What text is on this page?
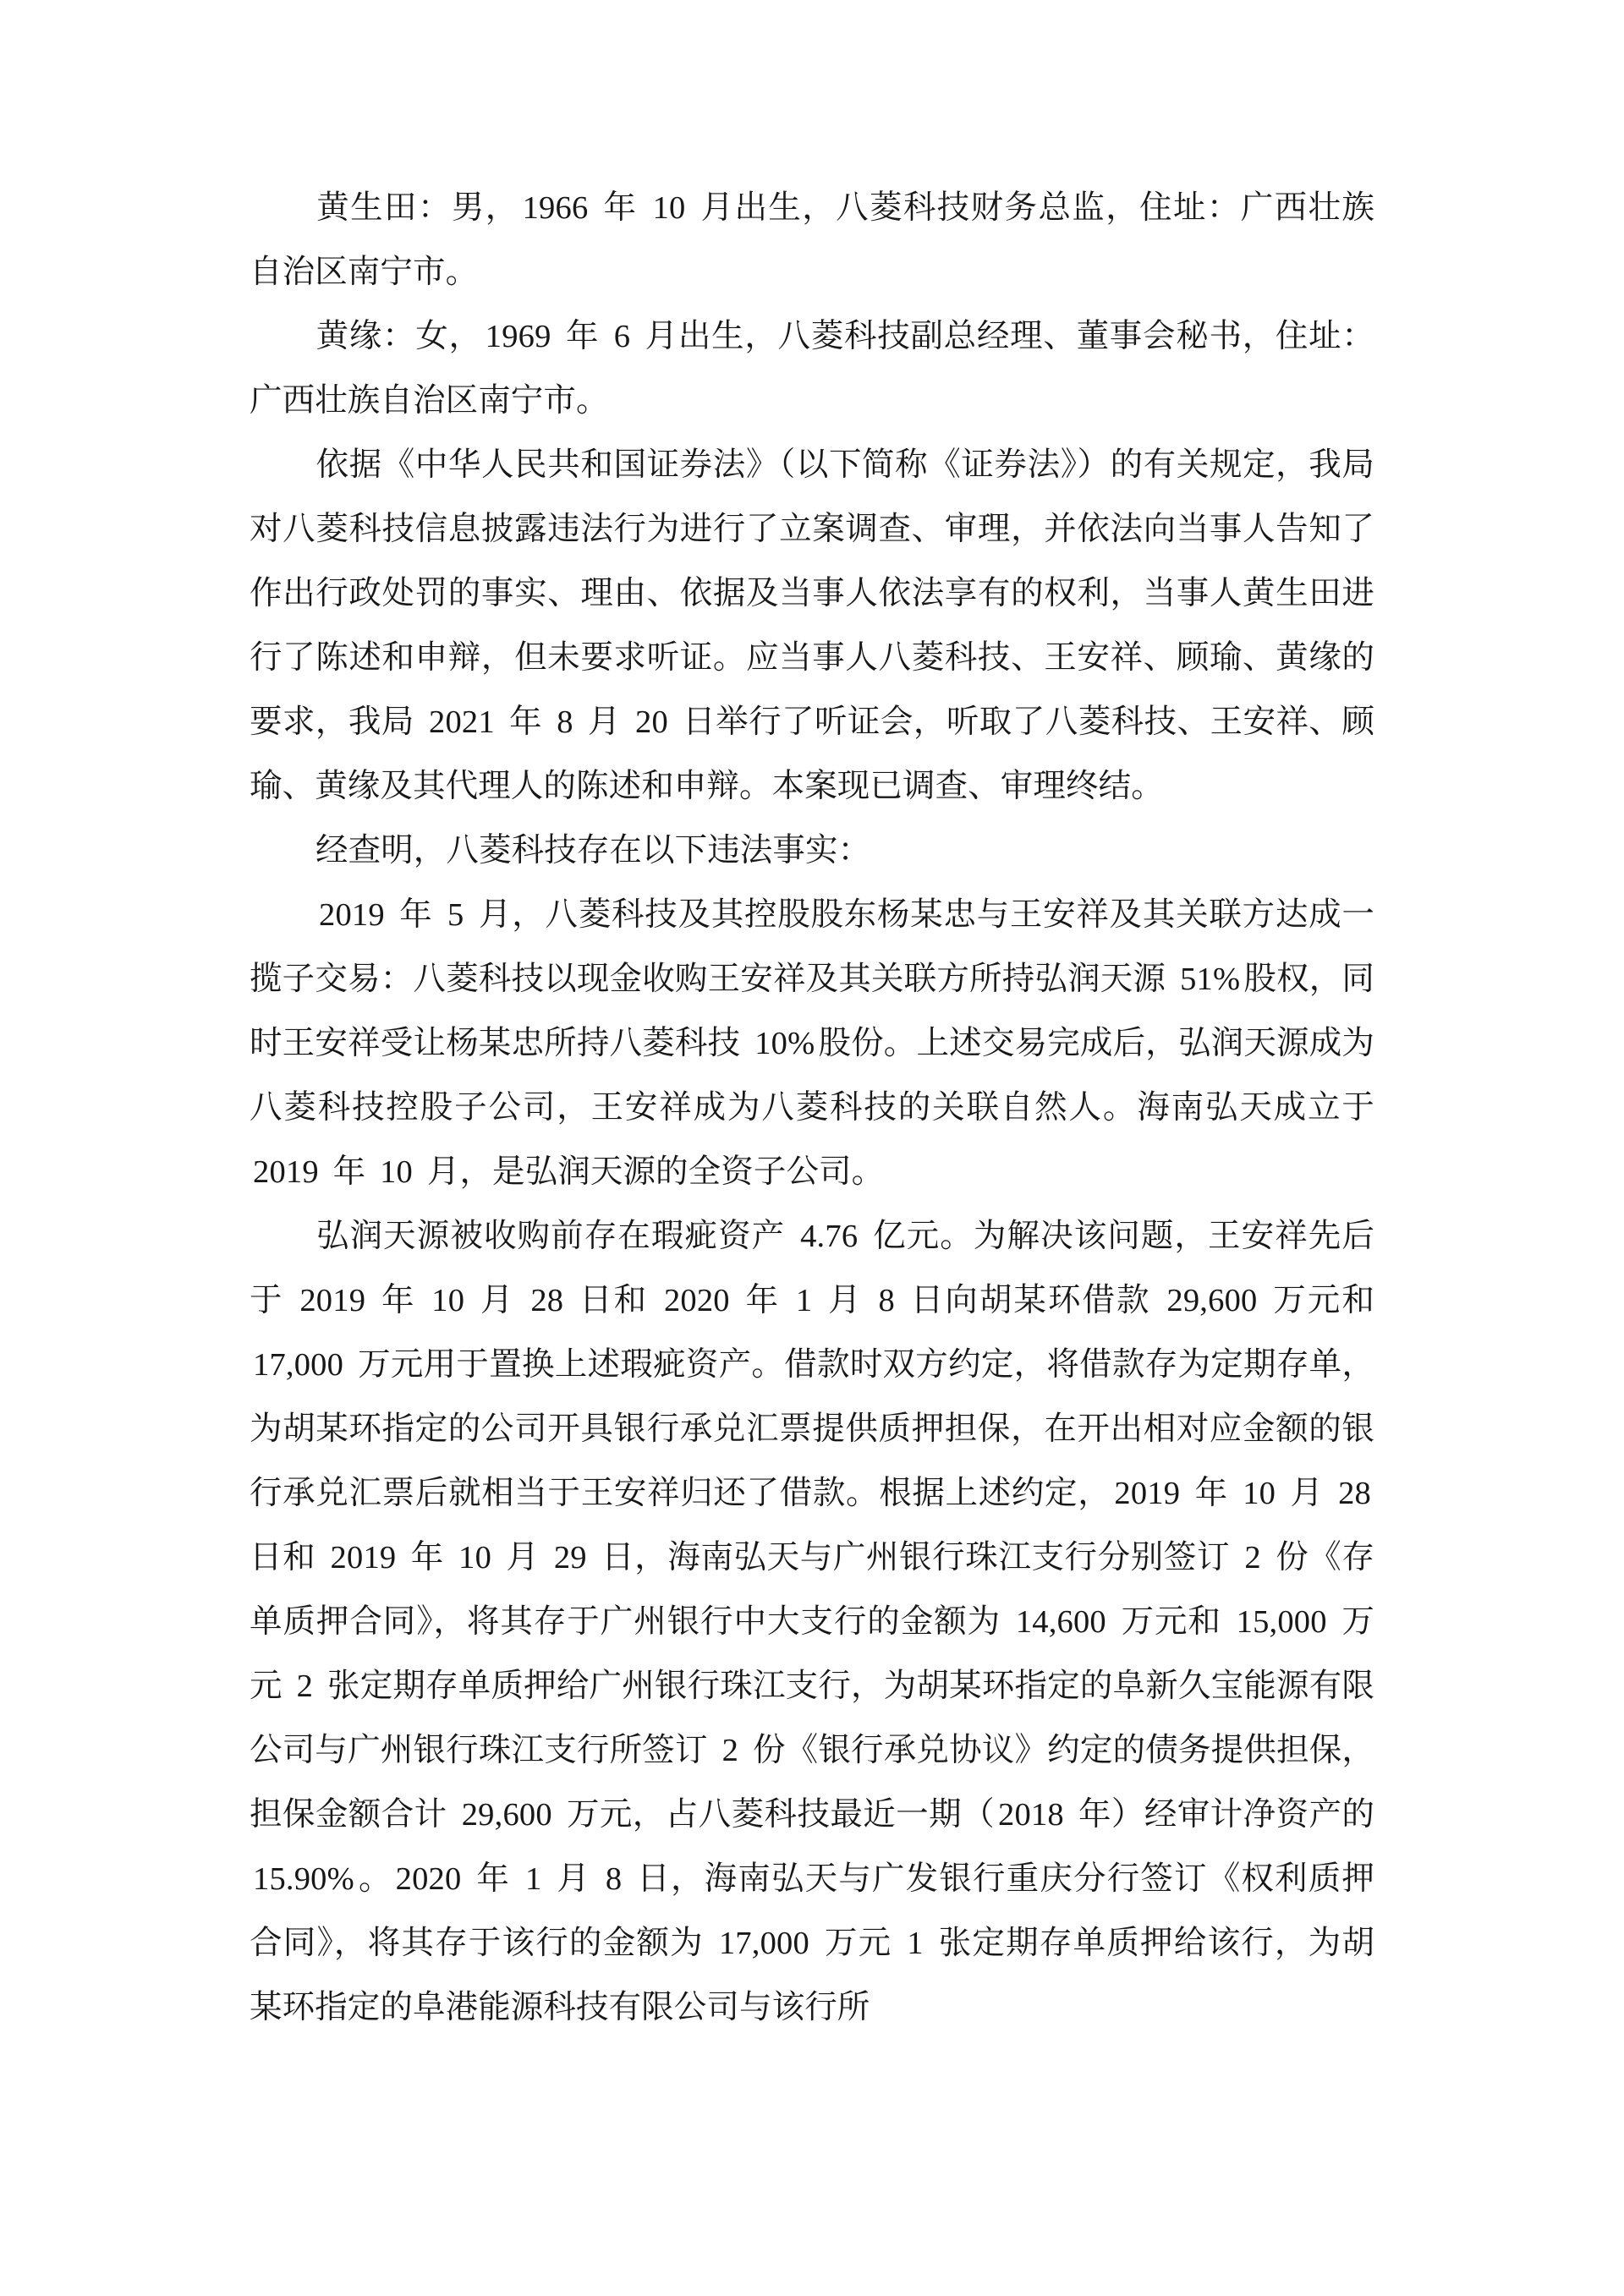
黄生田：男， 1966 年 10 月出生，八菱科技财务总监，住址：广西壮族自治区南宁市。

黄缘：女， 1969 年 6 月出生，八菱科技副总经理、董事会秘书，住址：广西壮族自治区南宁市。

依据《中华人民共和国证券法》（以下简称《证券法》）的有关规定，我局对八菱科技信息披露违法行为进行了立案调查、审理，并依法向当事人告知了作出行政处罚的事实、理由、依据及当事人依法享有的权利，当事人黄生田进行了陈述和申辩，但未要求听证。应当事人八菱科技、王安祥、顾瑜、黄缘的要求，我局 2021 年 8 月 20 日举行了听证会，听取了八菱科技、王安祥、顾瑜、黄缘及其代理人的陈述和申辩。本案现已调查、审理终结。

经查明，八菱科技存在以下违法事实：

2019 年 5 月，八菱科技及其控股股东杨某忠与王安祥及其关联方达成一揽子交易：八菱科技以现金收购王安祥及其关联方所持弘润天源 51% 股权，同时王安祥受让杨某忠所持八菱科技 10% 股份。上述交易完成后，弘润天源成为八菱科技控股子公司，王安祥成为八菱科技的关联自然人。海南弘天成立于 2019 年 10 月，是弘润天源的全资子公司。

弘润天源被收购前存在瑕疵资产 4.76 亿元。为解决该问题，王安祥先后于 2019 年 10 月 28 日和 2020 年 1 月 8 日向胡某环借款 29,600 万元和 17,000 万元用于置换上述瑕疵资产。借款时双方约定，将借款存为定期存单，为胡某环指定的公司开具银行承兑汇票提供质押担保，在开出相对应金额的银行承兑汇票后就相当于王安祥归还了借款。根据上述约定， 2019 年 10 月 28 日和 2019 年 10 月 29 日，海南弘天与广州银行珠江支行分别签订 2 份《存单质押合同》，将其存于广州银行中大支行的金额为 14,600 万元和 15,000 万元 2 张定期存单质押给广州银行珠江支行，为胡某环指定的阜新久宝能源有限公司与广州银行珠江支行所签订 2 份《银行承兑协议》约定的债务提供担保，担保金额合计 29,600 万元，占八菱科技最近一期（ 2018 年）经审计净资产的 15.90% 。 2020 年 1 月 8 日，海南弘天与广发银行重庆分行签订《权利质押合同》，将其存于该行的金额为 17,000 万元 1 张定期存单质押给该行，为胡某环指定的阜港能源科技有限公司与该行所
